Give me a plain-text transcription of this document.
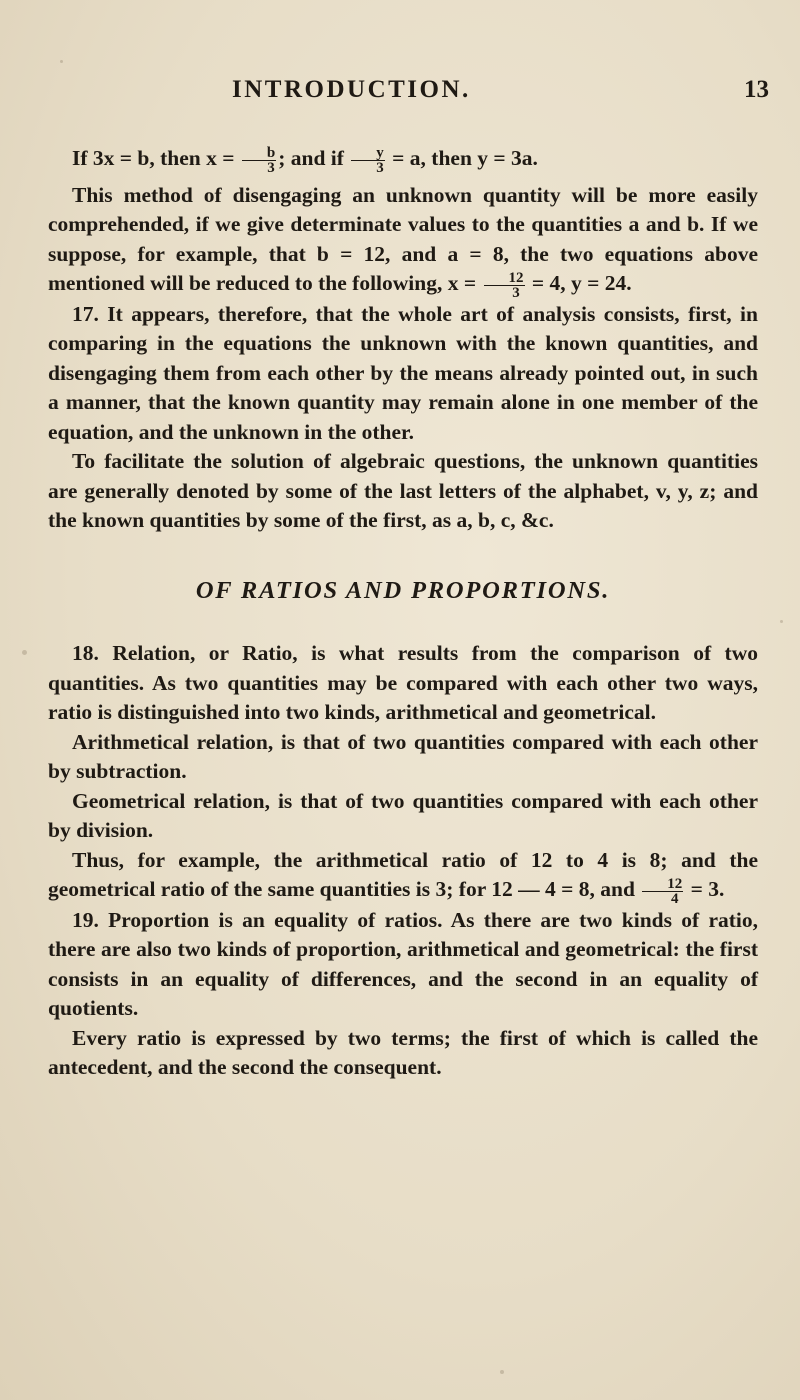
INTRODUCTION.	13

If 3x = b, then $x = \frac{b}{3}$ ; and if $\frac{y}{3} = a$, then y = 3a.

This method of disengaging an unknown quantity will be more easily comprehended, if we give determinate values to the quantities a and b. If we suppose, for example, that b = 12, and a = 8, the two equations above mentioned will be reduced to the following, $x = \frac{12}{3} = 4$, y = 24.

17. It appears, therefore, that the whole art of analysis consists, first, in comparing in the equations the unknown with the known quantities, and disengaging them from each other by the means already pointed out, in such a manner, that the known quantity may remain alone in one member of the equation, and the unknown in the other.

To facilitate the solution of algebraic questions, the unknown quantities are generally denoted by some of the last letters of the alphabet, v, y, z; and the known quantities by some of the first, as a, b, c, &c.

OF RATIOS AND PROPORTIONS.

18. Relation, or Ratio, is what results from the comparison of two quantities. As two quantities may be compared with each other two ways, ratio is distinguished into two kinds, arithmetical and geometrical.

Arithmetical relation, is that of two quantities compared with each other by subtraction.

Geometrical relation, is that of two quantities compared with each other by division.

Thus, for example, the arithmetical ratio of 12 to 4 is 8; and the geometrical ratio of the same quantities is 3; for 12 — 4 = 8, and $\frac{12}{4} = 3$.

19. Proportion is an equality of ratios. As there are two kinds of ratio, there are also two kinds of proportion, arithmetical and geometrical: the first consists in an equality of differences, and the second in an equality of quotients.

Every ratio is expressed by two terms; the first of which is called the antecedent, and the second the consequent.
